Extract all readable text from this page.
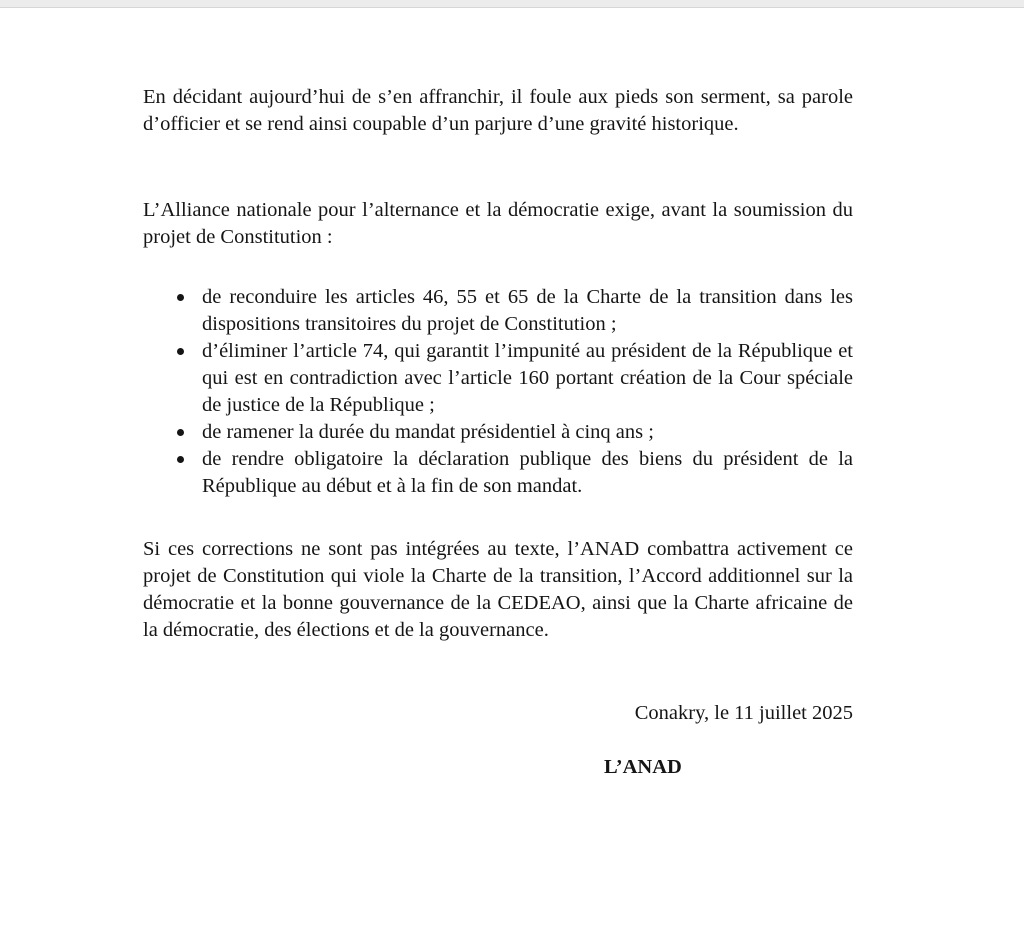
En décidant aujourd’hui de s’en affranchir, il foule aux pieds son serment, sa parole d’officier et se rend ainsi coupable d’un parjure d’une gravité historique.

L’Alliance nationale pour l’alternance et la démocratie exige, avant la soumission du projet de Constitution :

de reconduire les articles 46, 55 et 65 de la Charte de la transition dans les dispositions transitoires du projet de Constitution ;
d’éliminer l’article 74, qui garantit l’impunité au président de la République et qui est en contradiction avec l’article 160 portant création de la Cour spéciale de justice de la République ;
de ramener la durée du mandat présidentiel à cinq ans ;
de rendre obligatoire la déclaration publique des biens du président de la République au début et à la fin de son mandat.

Si ces corrections ne sont pas intégrées au texte, l’ANAD combattra activement ce projet de Constitution qui viole la Charte de la transition, l’Accord additionnel sur la démocratie et la bonne gouvernance de la CEDEAO, ainsi que la Charte africaine de la démocratie, des élections et de la gouvernance.

Conakry, le 11 juillet 2025

L’ANAD
